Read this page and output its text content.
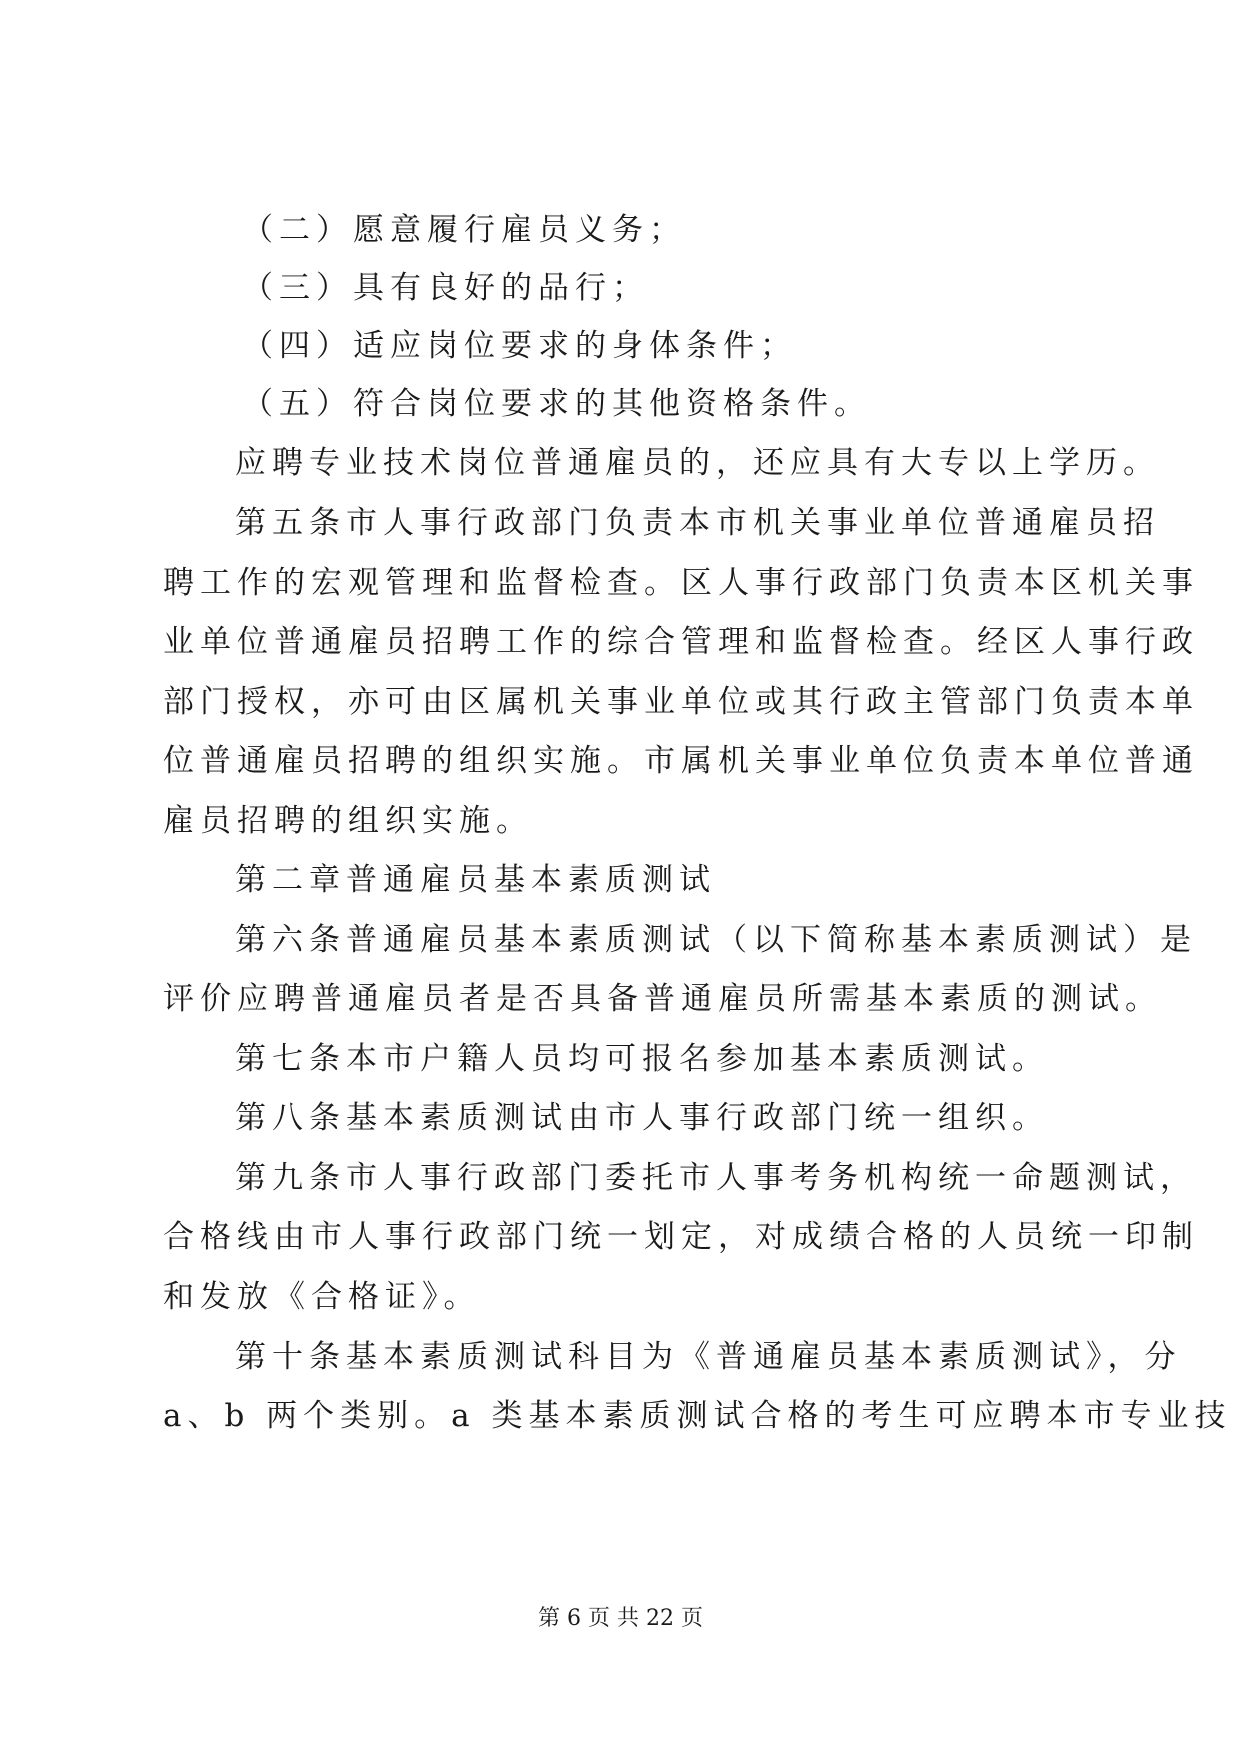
（二）愿意履行雇员义务；
（三）具有良好的品行；
（四）适应岗位要求的身体条件；
（五）符合岗位要求的其他资格条件。
应聘专业技术岗位普通雇员的，还应具有大专以上学历。
第五条市人事行政部门负责本市机关事业单位普通雇员招
聘工作的宏观管理和监督检查。区人事行政部门负责本区机关事
业单位普通雇员招聘工作的综合管理和监督检查。经区人事行政
部门授权，亦可由区属机关事业单位或其行政主管部门负责本单
位普通雇员招聘的组织实施。市属机关事业单位负责本单位普通
雇员招聘的组织实施。
第二章普通雇员基本素质测试
第六条普通雇员基本素质测试（以下简称基本素质测试）是
评价应聘普通雇员者是否具备普通雇员所需基本素质的测试。
第七条本市户籍人员均可报名参加基本素质测试。
第八条基本素质测试由市人事行政部门统一组织。
第九条市人事行政部门委托市人事考务机构统一命题测试，
合格线由市人事行政部门统一划定，对成绩合格的人员统一印制
和发放《合格证》。
第十条基本素质测试科目为《普通雇员基本素质测试》，分
a、b 两个类别。a 类基本素质测试合格的考生可应聘本市专业技
第 6 页 共 22 页
